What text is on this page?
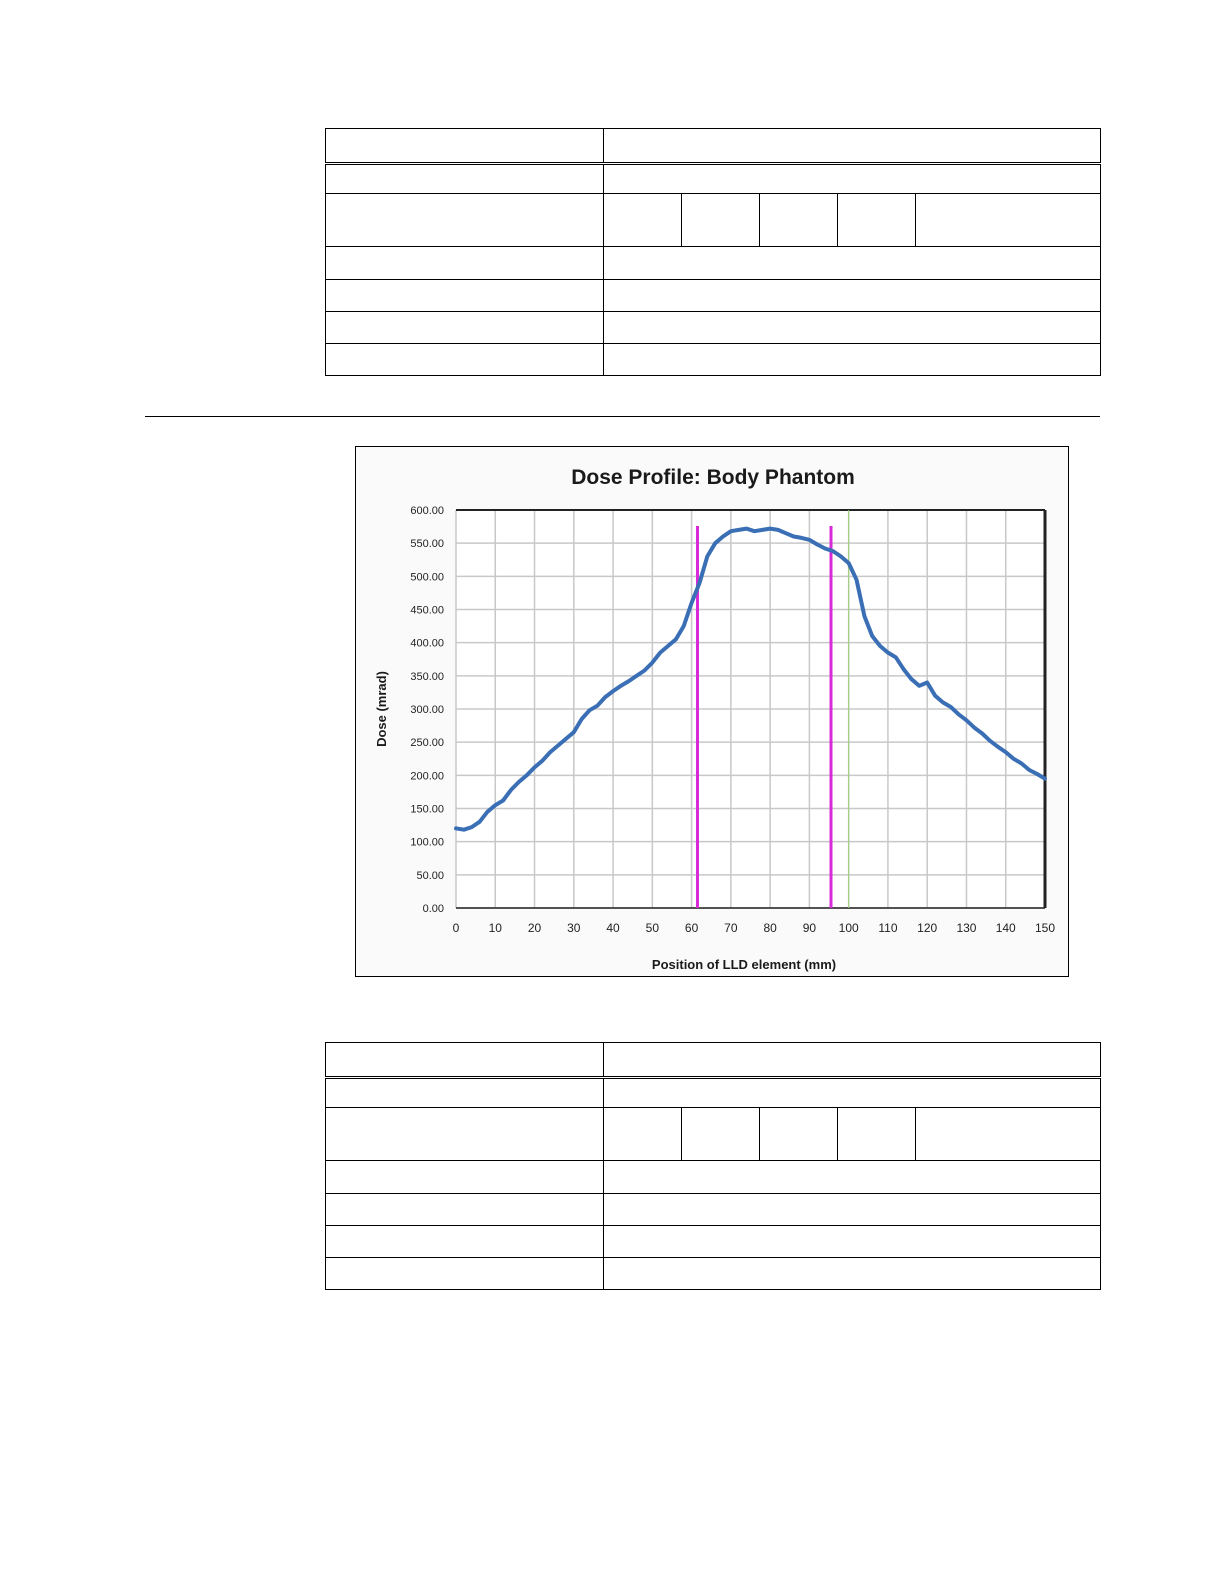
Dose Profile: Body Phantom
Position of LLD element (mm)
Dose (mrad)
0 10 20 30 40 50 60 70 80 90 100 110 120 130 140 150
0.00
50.00
100.00
150.00
200.00
250.00
300.00
350.00
400.00
450.00
500.00
550.00
600.00
